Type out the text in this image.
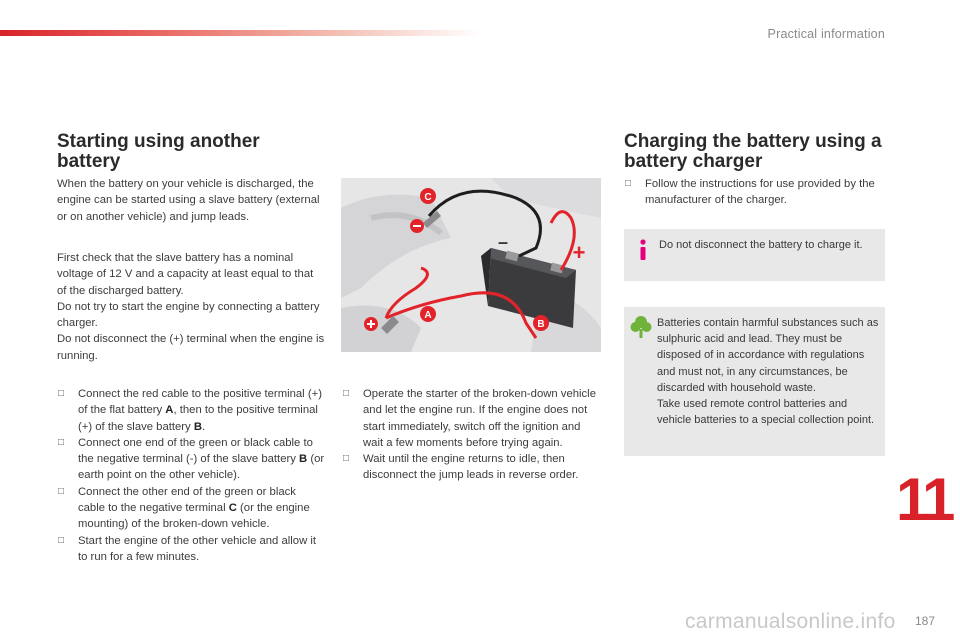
Practical information
Starting using another battery

When the battery on your vehicle is discharged, the engine can be started using a slave battery (external or on another vehicle) and jump leads.

First check that the slave battery has a nominal voltage of 12 V and a capacity at least equal to that of the discharged battery.

Do not try to start the engine by connecting a battery charger.

Do not disconnect the (+) terminal when the engine is running.

□ Connect the red cable to the positive terminal (+) of the flat battery A, then to the positive terminal (+) of the slave battery B.
□ Connect one end of the green or black cable to the negative terminal (-) of the slave battery B (or earth point on the other vehicle).
□ Connect the other end of the green or black cable to the negative terminal C (or the engine mounting) of the broken-down vehicle.
□ Start the engine of the other vehicle and allow it to run for a few minutes.
C
–	+
A
B
□ Operate the starter of the broken-down vehicle and let the engine run. If the engine does not start immediately, switch off the ignition and wait a few moments before trying again.
□ Wait until the engine returns to idle, then disconnect the jump leads in reverse order.
Charging the battery using a battery charger
□ Follow the instructions for use provided by the manufacturer of the charger.

Do not disconnect the battery to charge it.

Batteries contain harmful substances such as sulphuric acid and lead. They must be disposed of in accordance with regulations and must not, in any circumstances, be discarded with household waste.

Take used remote control batteries and vehicle batteries to a special collection point.

11
carmanualsonline.info 187
